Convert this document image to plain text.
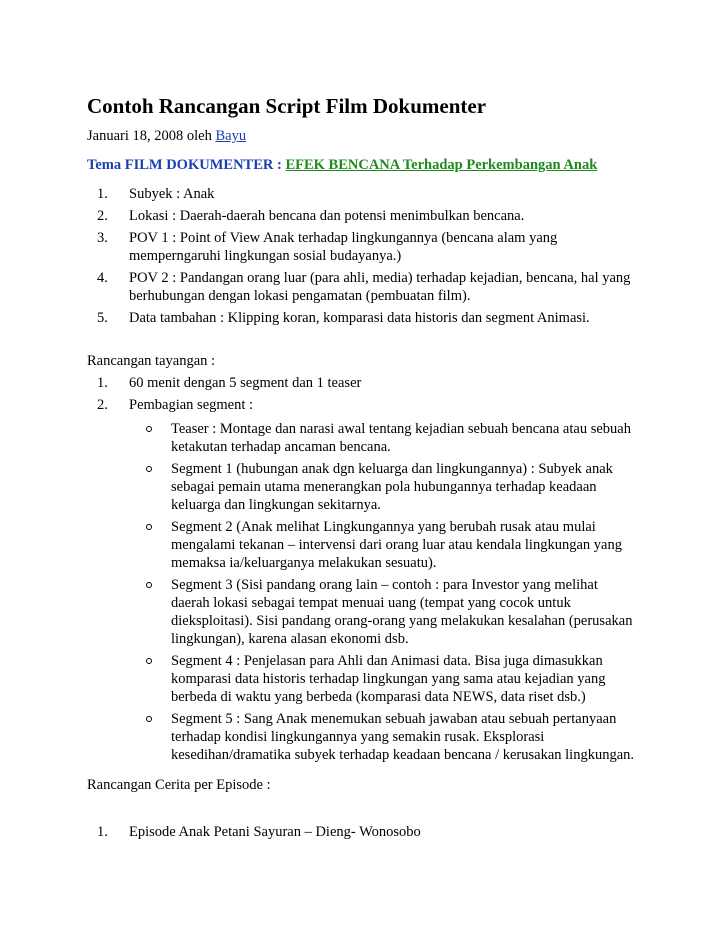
Contoh Rancangan Script Film Dokumenter
Januari 18, 2008 oleh Bayu
Tema FILM DOKUMENTER : EFEK BENCANA Terhadap Perkembangan Anak
1. Subyek : Anak
2. Lokasi : Daerah-daerah bencana dan potensi menimbulkan bencana.
3. POV 1 : Point of View Anak terhadap lingkungannya (bencana alam yang memperngaruhi lingkungan sosial budayanya.)
4. POV 2 : Pandangan orang luar (para ahli, media) terhadap kejadian, bencana, hal yang berhubungan dengan lokasi pengamatan (pembuatan film).
5. Data tambahan : Klipping koran, komparasi data historis dan segment Animasi.
Rancangan tayangan :
1. 60 menit dengan 5 segment dan 1 teaser
2. Pembagian segment :
Teaser : Montage dan narasi awal tentang kejadian sebuah bencana atau sebuah ketakutan terhadap ancaman bencana.
Segment 1 (hubungan anak dgn keluarga dan lingkungannya) : Subyek anak sebagai pemain utama menerangkan pola hubungannya terhadap keadaan keluarga dan lingkungan sekitarnya.
Segment 2 (Anak melihat Lingkungannya yang berubah rusak atau mulai mengalami tekanan – intervensi dari orang luar atau kendala lingkungan yang memaksa ia/keluarganya melakukan sesuatu).
Segment 3 (Sisi pandang orang lain – contoh : para Investor yang melihat daerah lokasi sebagai tempat menuai uang (tempat yang cocok untuk dieksploitasi). Sisi pandang orang-orang yang melakukan kesalahan (perusakan lingkungan), karena alasan ekonomi dsb.
Segment 4 : Penjelasan para Ahli dan Animasi data. Bisa juga dimasukkan komparasi data historis terhadap lingkungan yang sama atau kejadian yang berbeda di waktu yang berbeda (komparasi data NEWS, data riset dsb.)
Segment 5 : Sang Anak menemukan sebuah jawaban atau sebuah pertanyaan terhadap kondisi lingkungannya yang semakin rusak. Eksplorasi kesedihan/dramatika subyek terhadap keadaan bencana / kerusakan lingkungan.
Rancangan Cerita per Episode :
1. Episode Anak Petani Sayuran – Dieng- Wonosobo
